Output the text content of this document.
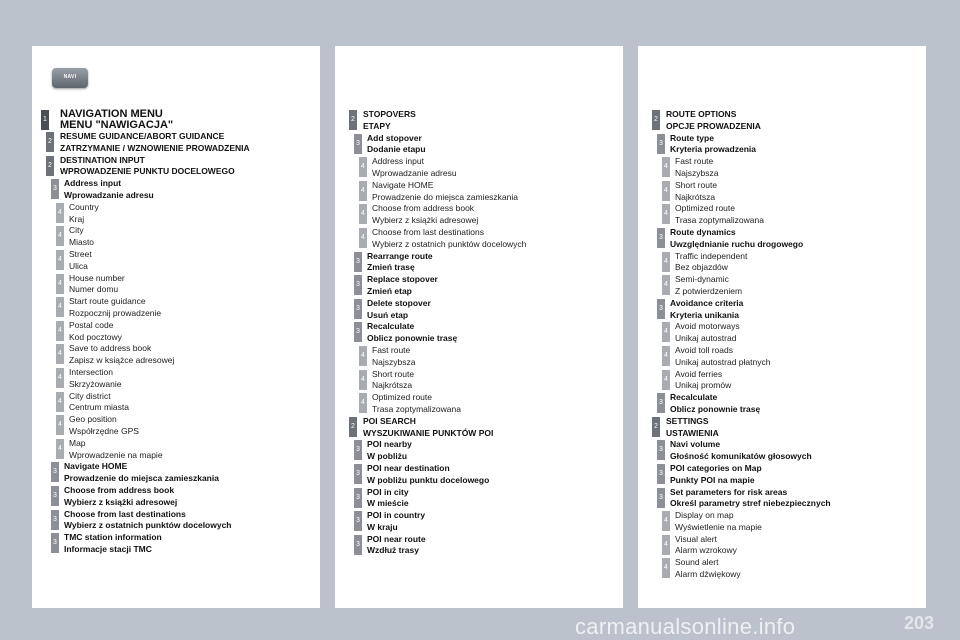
NAVI
1 NAVIGATION MENU
MENU "NAWIGACJA"
2
RESUME GUIDANCE/ABORT GUIDANCE
ZATRZYMANIE / WZNOWIENIE PROWADZENIA
2
DESTINATION INPUT
WPROWADZENIE PUNKTU DOCELOWEGO
3
Address input
Wprowadzanie adresu
4
Country
Kraj
4
City
Miasto
4
Street
Ulica
4
House number
Numer domu
4
Start route guidance
Rozpocznij prowadzenie
4
Postal code
Kod pocztowy
4
Save to address book
Zapisz w książce adresowej
4
Intersection
Skrzyżowanie
4
City district
Centrum miasta
4
Geo position
Współrzędne GPS
4
Map
Wprowadzenie na mapie
3
Navigate HOME
Prowadzenie do miejsca zamieszkania
3
Choose from address book
Wybierz z książki adresowej
3
Choose from last destinations
Wybierz z ostatnich punktów docelowych
3
TMC station information
Informacje stacji TMC
2
STOPOVERS
ETAPY
3
Add stopover
Dodanie etapu
4
Address input
Wprowadzanie adresu
4
Navigate HOME
Prowadzenie do miejsca zamieszkania
4
Choose from address book
Wybierz z książki adresowej
4
Choose from last destinations
Wybierz z ostatnich punktów docelowych
3
Rearrange route
Zmień trasę
3
Replace stopover
Zmień etap
3
Delete stopover
Usuń etap
3
Recalculate
Oblicz ponownie trasę
4
Fast route
Najszybsza
4
Short route
Najkrótsza
4
Optimized route
Trasa zoptymalizowana
2
POI SEARCH
WYSZUKIWANIE PUNKTÓW POI
3
POI nearby
W pobliżu
3
POI near destination
W pobliżu punktu docelowego
3
POI in city
W mieście
3
POI in country
W kraju
3
POI near route
Wzdłuż trasy
2
ROUTE OPTIONS
OPCJE PROWADZENIA
3
Route type
Kryteria prowadzenia
4
Fast route
Najszybsza
4
Short route
Najkrótsza
4
Optimized route
Trasa zoptymalizowana
3
Route dynamics
Uwzględnianie ruchu drogowego
4
Traffic independent
Bez objazdów
4
Semi-dynamic
Z potwierdzeniem
3
Avoidance criteria
Kryteria unikania
4
Avoid motorways
Unikaj autostrad
4
Avoid toll roads
Unikaj autostrad płatnych
4
Avoid ferries
Unikaj promów
3
Recalculate
Oblicz ponownie trasę
2
SETTINGS
USTAWIENIA
3
Navi volume
Głośność komunikatów głosowych
3
POI categories on Map
Punkty POI na mapie
3
Set parameters for risk areas
Określ parametry stref niebezpiecznych
4
Display on map
Wyświetlenie na mapie
4
Visual alert
Alarm wzrokowy
4
Sound alert
Alarm dźwiękowy
203
carmanualsonline.info
